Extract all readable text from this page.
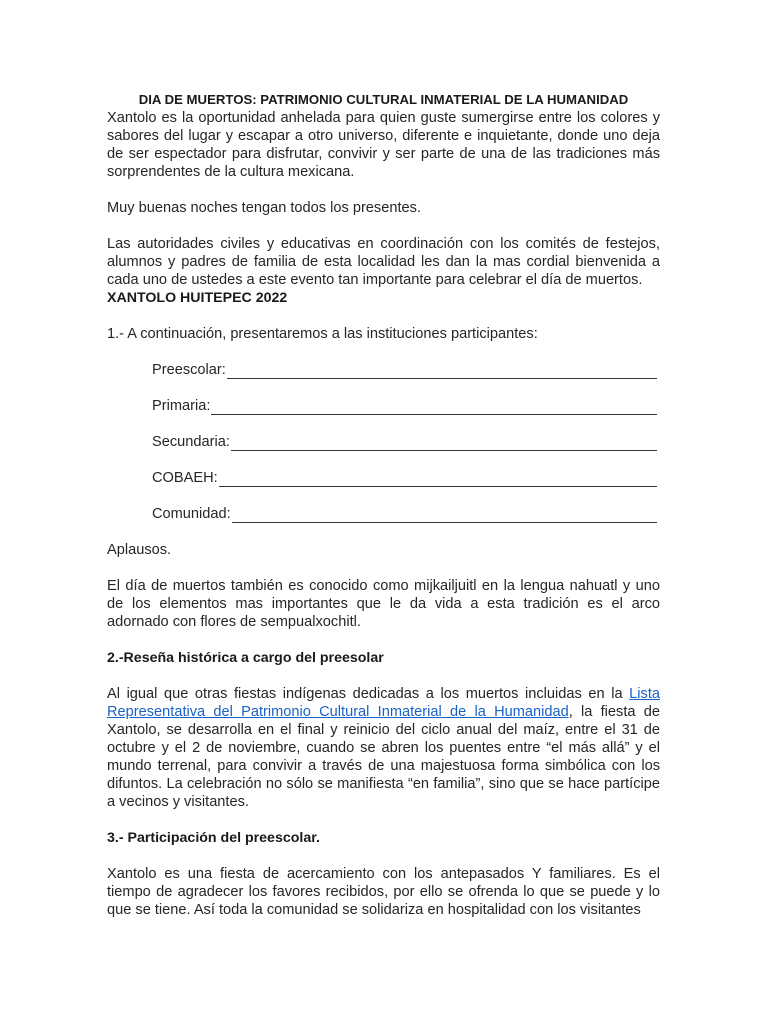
DIA DE MUERTOS: PATRIMONIO CULTURAL INMATERIAL DE LA HUMANIDAD

Xantolo es la oportunidad anhelada para quien guste sumergirse entre los colores y sabores del lugar y escapar a otro universo, diferente e inquietante, donde uno deja de ser espectador para disfrutar, convivir y ser parte de una de las tradiciones más sorprendentes de la cultura mexicana.

Muy buenas noches tengan todos los presentes.

Las autoridades civiles y educativas en coordinación con los comités de festejos, alumnos y padres de familia de esta localidad les dan la mas cordial bienvenida a cada uno de ustedes a este evento tan importante para celebrar el día de muertos.

XANTOLO HUITEPEC 2022

1.- A continuación, presentaremos a las instituciones participantes:

Preescolar:
Primaria:
Secundaria:
COBAEH:
Comunidad:

Aplausos.

El día de muertos también es conocido como mijkailjuitl en la lengua nahuatl y uno de los elementos mas importantes que le da vida a esta tradición es el arco adornado con flores de sempualxochitl.

2.-Reseña histórica a cargo del preesolar

Al igual que otras fiestas indígenas dedicadas a los muertos incluidas en la Lista Representativa del Patrimonio Cultural Inmaterial de la Humanidad, la fiesta de Xantolo, se desarrolla en el final y reinicio del ciclo anual del maíz, entre el 31 de octubre y el 2 de noviembre, cuando se abren los puentes entre “el más allá” y el mundo terrenal, para convivir a través de una majestuosa forma simbólica con los difuntos. La celebración no sólo se manifiesta “en familia”, sino que se hace partícipe a vecinos y visitantes.

3.- Participación del preescolar.

Xantolo es una fiesta de acercamiento con los antepasados Y familiares. Es el tiempo de agradecer los favores recibidos, por ello se ofrenda lo que se puede y lo que se tiene. Así toda la comunidad se solidariza en hospitalidad con los visitantes
